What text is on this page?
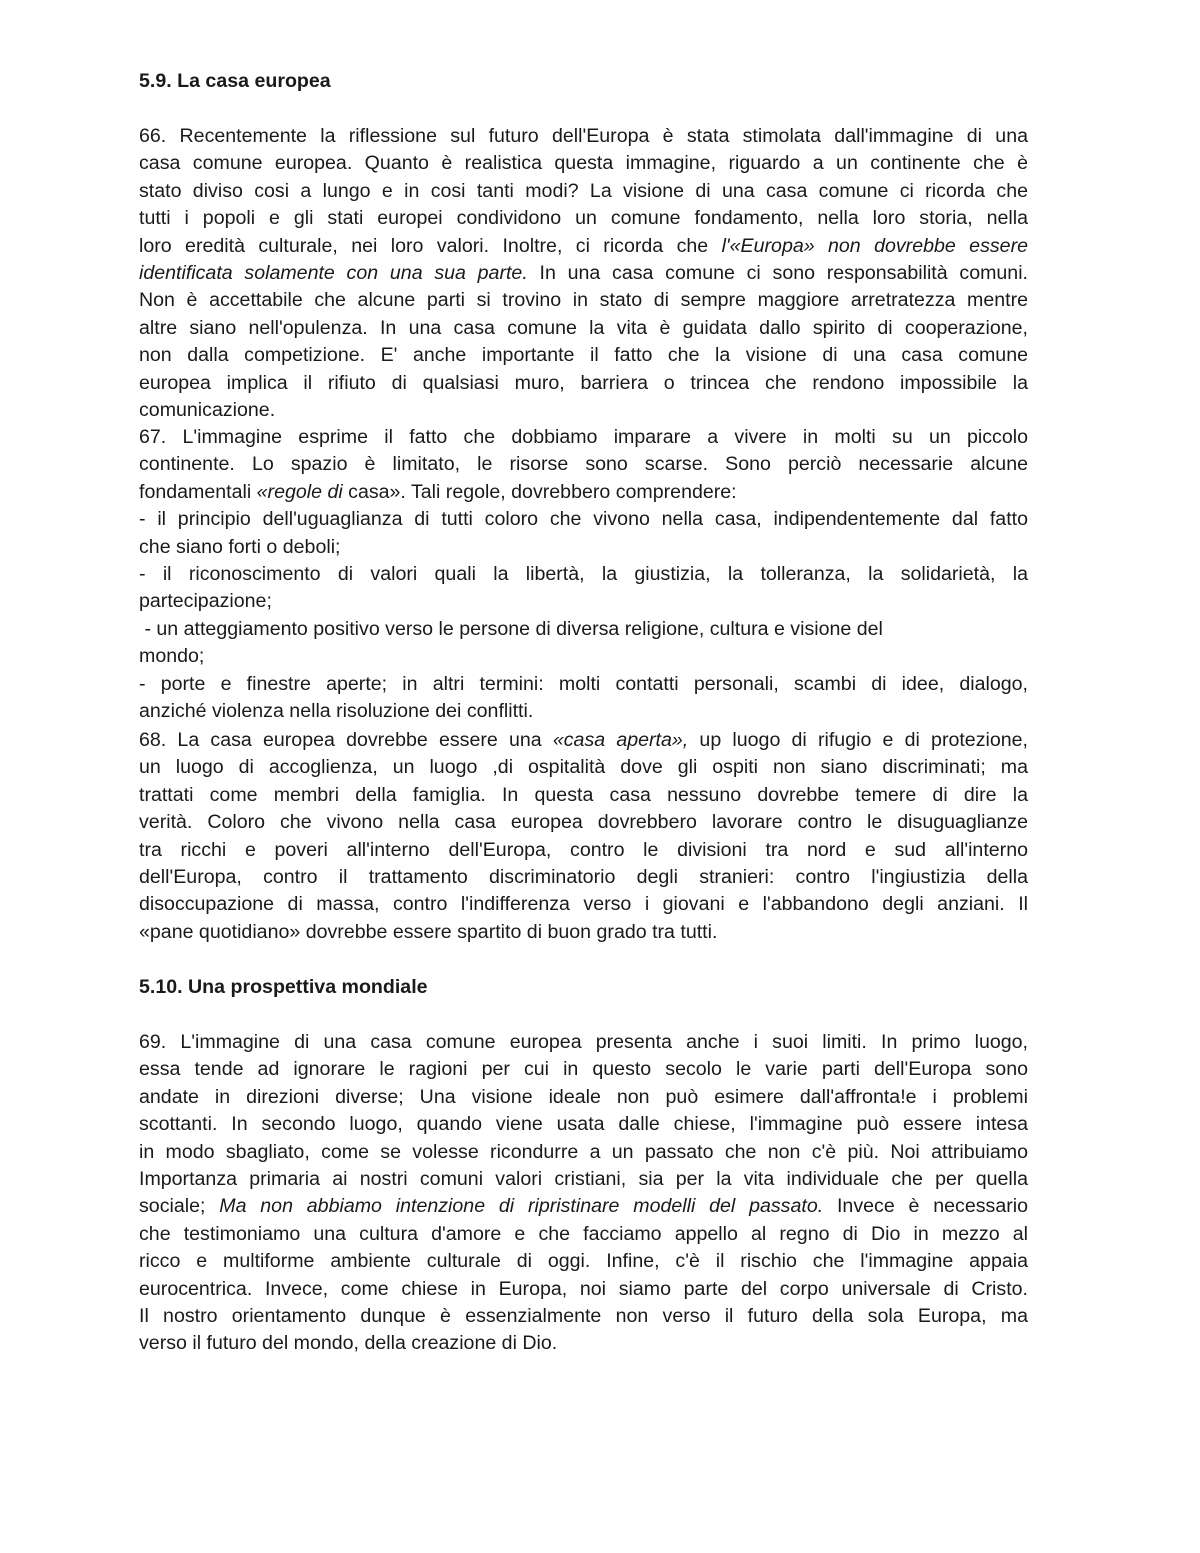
5.9. La casa europea

66. Recentemente la riflessione sul futuro dell'Europa è stata stimolata dall'immagine di una
casa comune europea. Quanto è realistica questa immagine, riguardo a un continente che è
stato diviso cosi a lungo e in cosi tanti modi? La visione di una casa comune ci ricorda che
tutti i popoli e gli stati europei condividono un comune fondamento, nella loro storia, nella
loro eredità culturale, nei loro valori. Inoltre, ci ricorda che l'«Europa» non dovrebbe essere
identificata solamente con una sua parte. In una casa comune ci sono responsabilità comuni.
Non è accettabile che alcune parti si trovino in stato di sempre maggiore arretratezza mentre
altre siano nell'opulenza. In una casa comune la vita è guidata dallo spirito di cooperazione,
non dalla competizione. E' anche importante il fatto che la visione di una casa comune
europea implica il rifiuto di qualsiasi muro, barriera o trincea che rendono impossibile la
comunicazione.
67. L'immagine esprime il fatto che dobbiamo imparare a vivere in molti su un piccolo
continente. Lo spazio è limitato, le risorse sono scarse. Sono perciò necessarie alcune
fondamentali «regole di casa». Tali regole, dovrebbero comprendere:
- il principio dell'uguaglianza di tutti coloro che vivono nella casa, indipendentemente dal fatto
che siano forti o deboli;
- il riconoscimento di valori quali la libertà, la giustizia, la tolleranza, la solidarietà, la
partecipazione;
- un atteggiamento positivo verso le persone di diversa religione, cultura e visione del
mondo;
- porte e finestre aperte; in altri termini: molti contatti personali, scambi di idee, dialogo,
anziché violenza nella risoluzione dei conflitti.
68. La casa europea dovrebbe essere una «casa aperta», up luogo di rifugio e di protezione,
un luogo di accoglienza, un luogo ,di ospitalità dove gli ospiti non siano discriminati; ma
trattati come membri della famiglia. In questa casa nessuno dovrebbe temere di dire la
verità. Coloro che vivono nella casa europea dovrebbero lavorare contro le disuguaglianze
tra ricchi e poveri all'interno dell'Europa, contro le divisioni tra nord e sud all'interno
dell'Europa, contro il trattamento discriminatorio degli stranieri: contro l'ingiustizia della
disoccupazione di massa, contro l'indifferenza verso i giovani e l'abbandono degli anziani. Il
«pane quotidiano» dovrebbe essere spartito di buon grado tra tutti.

5.10. Una prospettiva mondiale

69. L'immagine di una casa comune europea presenta anche i suoi limiti. In primo luogo,
essa tende ad ignorare le ragioni per cui in questo secolo le varie parti dell'Europa sono
andate in direzioni diverse; Una visione ideale non può esimere dall'affronta!e i problemi
scottanti. In secondo luogo, quando viene usata dalle chiese, l'immagine può essere intesa
in modo sbagliato, come se volesse ricondurre a un passato che non c'è più. Noi attribuiamo
Importanza primaria ai nostri comuni valori cristiani, sia per la vita individuale che per quella
sociale; Ma non abbiamo intenzione di ripristinare modelli del passato. Invece è necessario
che testimoniamo una cultura d'amore e che facciamo appello al regno di Dio in mezzo al
ricco e multiforme ambiente culturale di oggi. Infine, c'è il rischio che l'immagine appaia
eurocentrica. Invece, come chiese in Europa, noi siamo parte del corpo universale di Cristo.
Il nostro orientamento dunque è essenzialmente non verso il futuro della sola Europa, ma
verso il futuro del mondo, della creazione di Dio.
